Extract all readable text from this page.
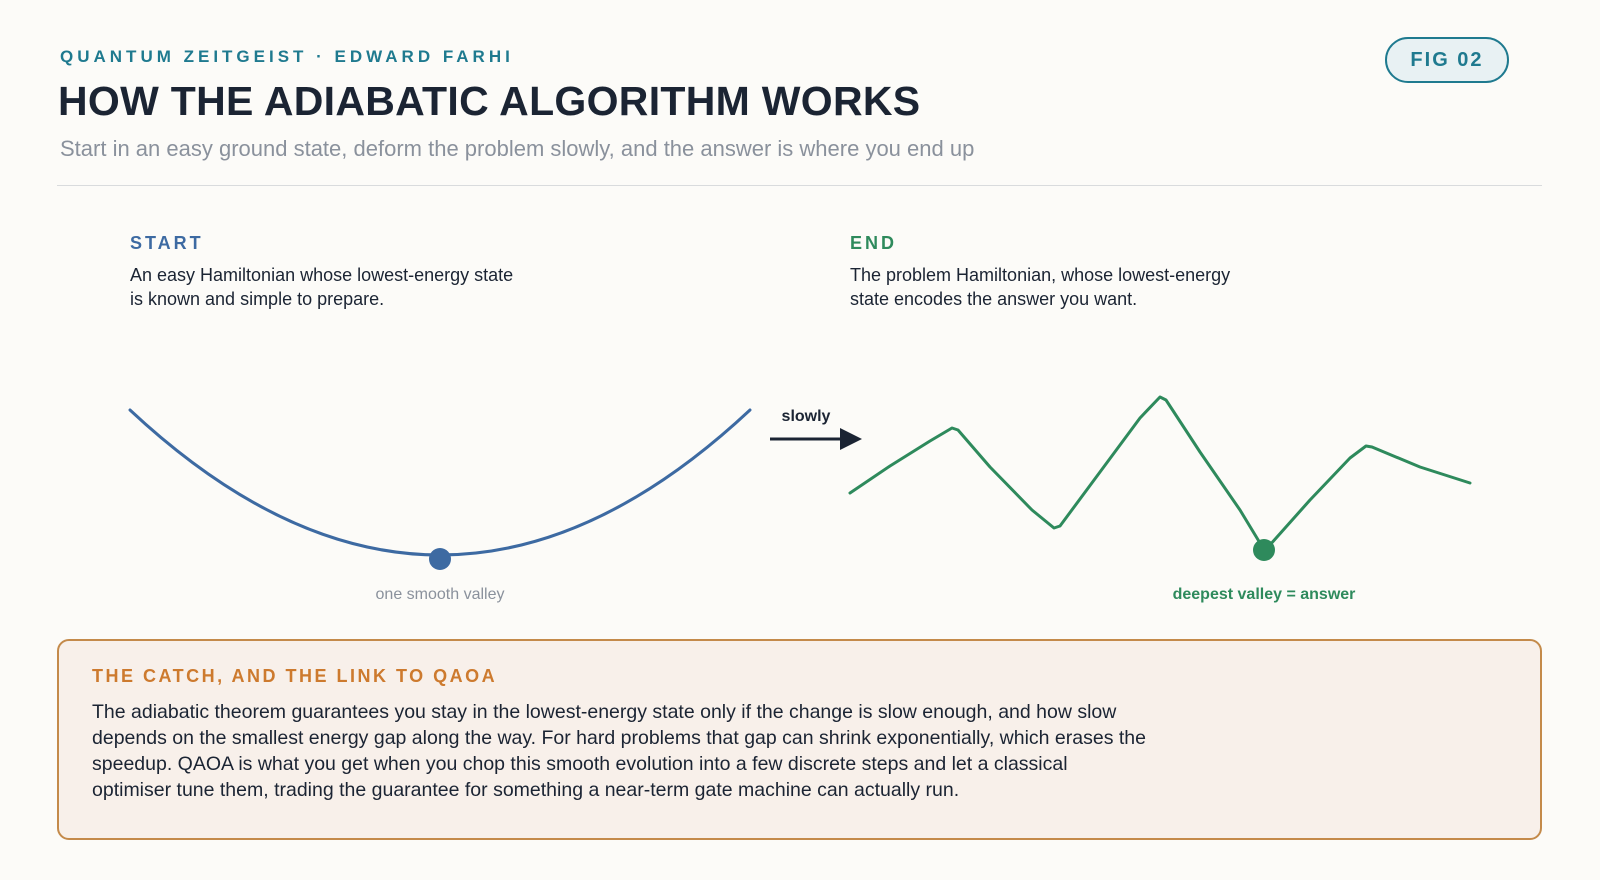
QUANTUM ZEITGEIST · EDWARD FARHI
HOW THE ADIABATIC ALGORITHM WORKS
Start in an easy ground state, deform the problem slowly, and the answer is where you end up
FIG 02
START
An easy Hamiltonian whose lowest-energy state is known and simple to prepare.
END
The problem Hamiltonian, whose lowest-energy state encodes the answer you want.
one smooth valley
slowly
deepest valley = answer
THE CATCH, AND THE LINK TO QAOA
The adiabatic theorem guarantees you stay in the lowest-energy state only if the change is slow enough, and how slow depends on the smallest energy gap along the way. For hard problems that gap can shrink exponentially, which erases the speedup. QAOA is what you get when you chop this smooth evolution into a few discrete steps and let a classical optimiser tune them, trading the guarantee for something a near-term gate machine can actually run.
